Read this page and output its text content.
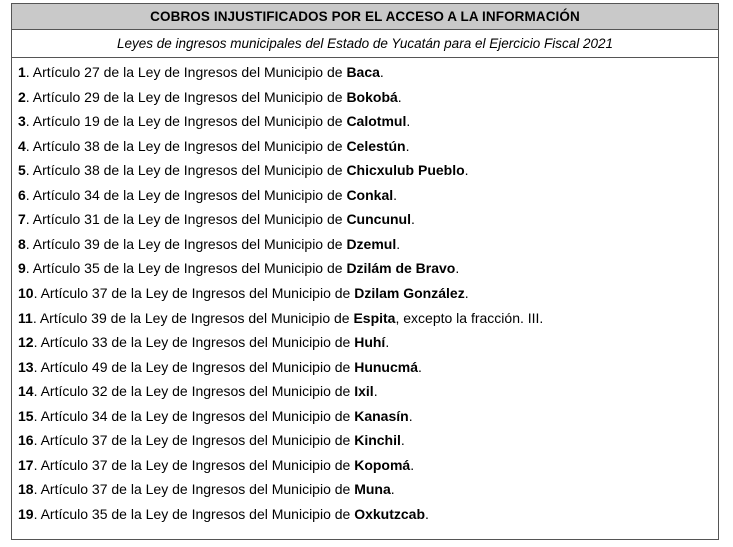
COBROS INJUSTIFICADOS POR EL ACCESO A LA INFORMACIÓN
Leyes de ingresos municipales del Estado de Yucatán para el Ejercicio Fiscal 2021
1. Artículo 27 de la Ley de Ingresos del Municipio de Baca.
2. Artículo 29 de la Ley de Ingresos del Municipio de Bokobá.
3. Artículo 19 de la Ley de Ingresos del Municipio de Calotmul.
4. Artículo 38 de la Ley de Ingresos del Municipio de Celestún.
5. Artículo 38 de la Ley de Ingresos del Municipio de Chicxulub Pueblo.
6. Artículo 34 de la Ley de Ingresos del Municipio de Conkal.
7. Artículo 31 de la Ley de Ingresos del Municipio de Cuncunul.
8. Artículo 39 de la Ley de Ingresos del Municipio de Dzemul.
9. Artículo 35 de la Ley de Ingresos del Municipio de Dzilám de Bravo.
10. Artículo 37 de la Ley de Ingresos del Municipio de Dzilam González.
11. Artículo 39 de la Ley de Ingresos del Municipio de Espita, excepto la fracción. III.
12. Artículo 33 de la Ley de Ingresos del Municipio de Huhí.
13. Artículo 49 de la Ley de Ingresos del Municipio de Hunucmá.
14. Artículo 32 de la Ley de Ingresos del Municipio de Ixil.
15. Artículo 34 de la Ley de Ingresos del Municipio de Kanasín.
16. Artículo 37 de la Ley de Ingresos del Municipio de Kinchil.
17. Artículo 37 de la Ley de Ingresos del Municipio de Kopomá.
18. Artículo 37 de la Ley de Ingresos del Municipio de Muna.
19. Artículo 35 de la Ley de Ingresos del Municipio de Oxkutzcab.
